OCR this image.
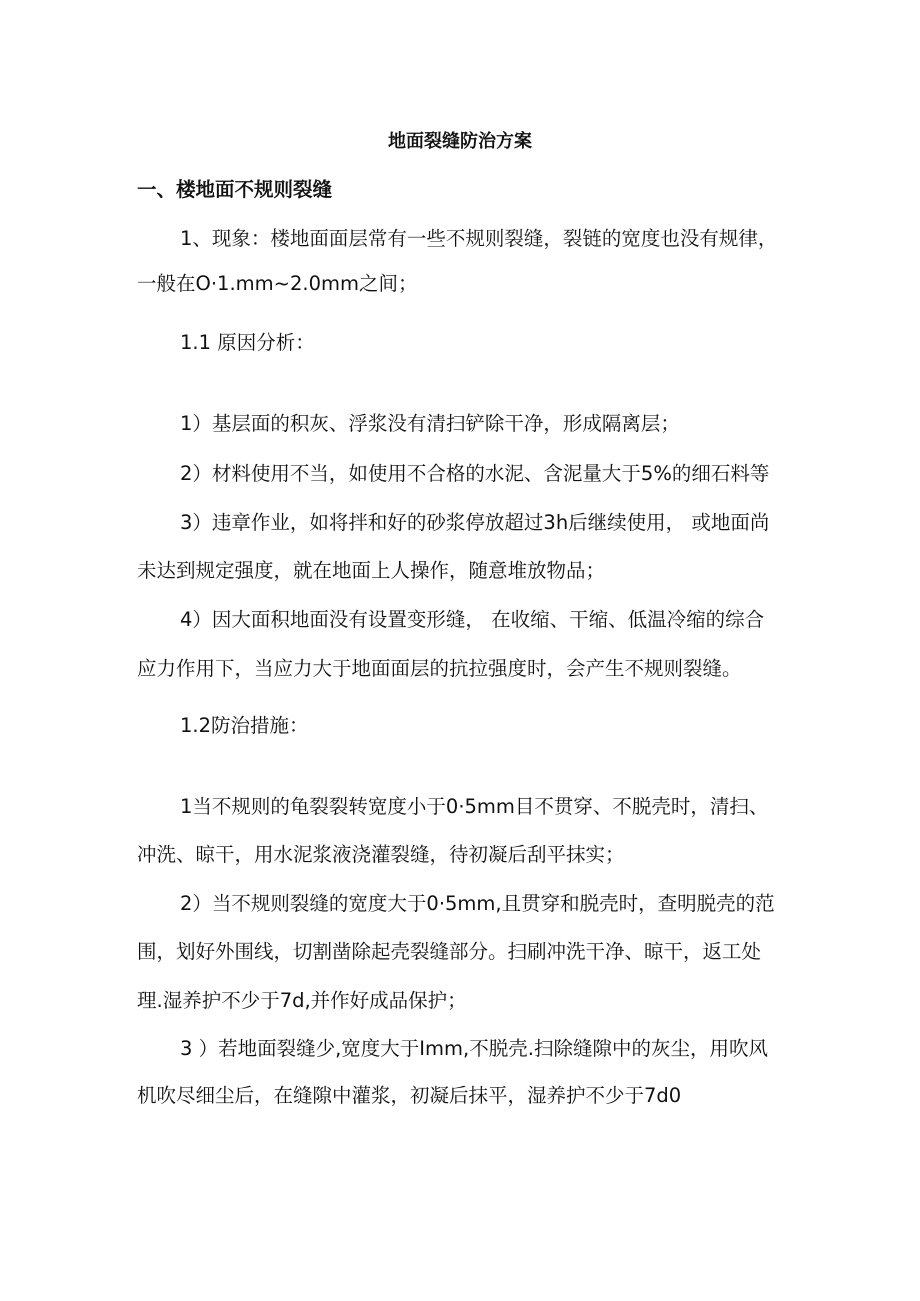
地面裂缝防治方案
一、楼地面不规则裂缝
1、现象：楼地面面层常有一些不规则裂缝，裂链的宽度也没有规律，
一般在O·1.mm~2.0mm之间；
1.1 原因分析：
1）基层面的积灰、浮浆没有清扫铲除干净，形成隔离层；
2）材料使用不当，如使用不合格的水泥、含泥量大于5%的细石料等
3）违章作业，如将拌和好的砂浆停放超过3h后继续使用， 或地面尚
未达到规定强度，就在地面上人操作，随意堆放物品；
4）因大面积地面没有设置变形缝， 在收缩、干缩、低温冷缩的综合
应力作用下，当应力大于地面面层的抗拉强度时，会产生不规则裂缝。
1.2防治措施：
1当不规则的龟裂裂转宽度小于0·5mm目不贯穿、不脱壳时，清扫、
冲洗、晾干，用水泥浆液浇灌裂缝，待初凝后刮平抹实；
2）当不规则裂缝的宽度大于0·5mm,且贯穿和脱壳时，查明脱壳的范
围，划好外围线，切割凿除起壳裂缝部分。扫刷冲洗干净、晾干，返工处
理.湿养护不少于7d,并作好成品保护；
3 ）若地面裂缝少,宽度大于Imm,不脱壳.扫除缝隙中的灰尘，用吹风
机吹尽细尘后，在缝隙中灌浆，初凝后抹平，湿养护不少于7d0
